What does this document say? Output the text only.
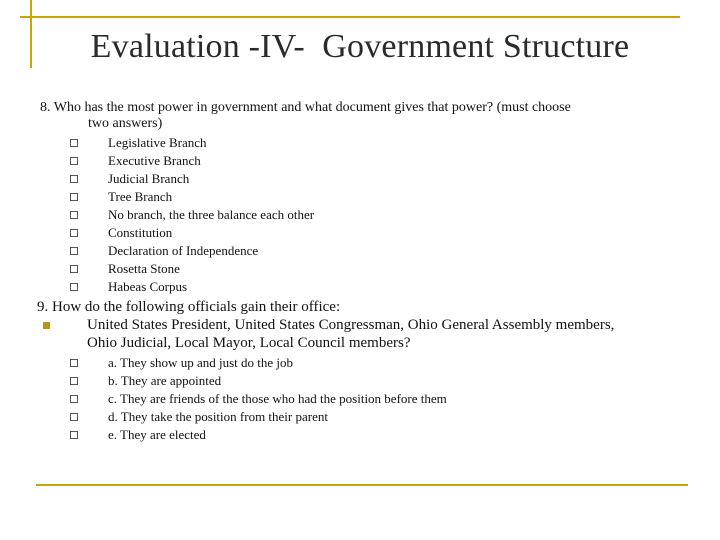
Evaluation -IV-  Government Structure
8. Who has the most power in government and what document gives that power? (must choose
two answers)
Legislative Branch
Executive Branch
Judicial Branch
Tree Branch
No branch, the three balance each other
Constitution
Declaration of Independence
Rosetta Stone
Habeas Corpus
9. How do the following officials gain their office:
United States President, United States Congressman, Ohio General Assembly members,
Ohio Judicial, Local Mayor, Local Council members?
a. They show up and just do the job
b. They are appointed
c. They are friends of the those who had the position before them
d. They take the position from their parent
e. They are elected
